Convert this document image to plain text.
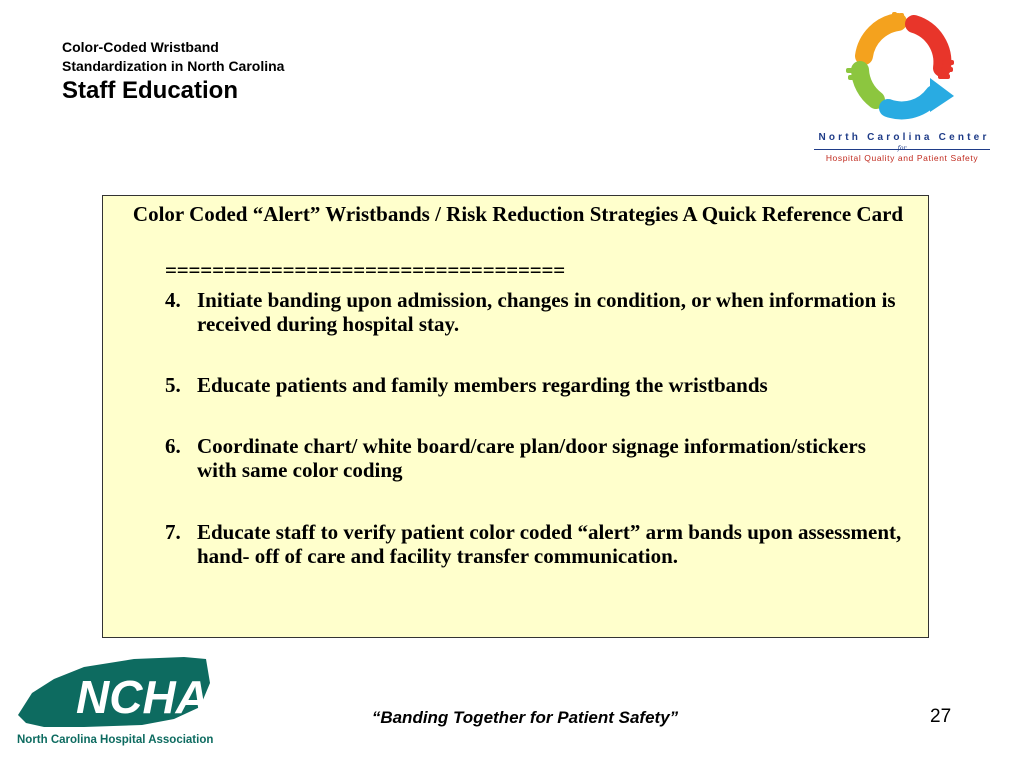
Color-Coded Wristband
Standardization in North Carolina
Staff Education
North Carolina Center
for
Hospital Quality and Patient Safety
Color Coded “Alert” Wristbands / Risk Reduction Strategies A Quick Reference Card
==================================
4. Initiate banding upon admission, changes in condition, or when information is received during hospital stay.
5. Educate patients and family members regarding the wristbands
6. Coordinate chart/ white board/care plan/door signage information/stickers with same color coding
7. Educate staff to verify patient color coded “alert” arm bands upon assessment, hand- off of care and facility transfer communication.
NCHA
North Carolina Hospital Association
“Banding Together for Patient Safety”	27
